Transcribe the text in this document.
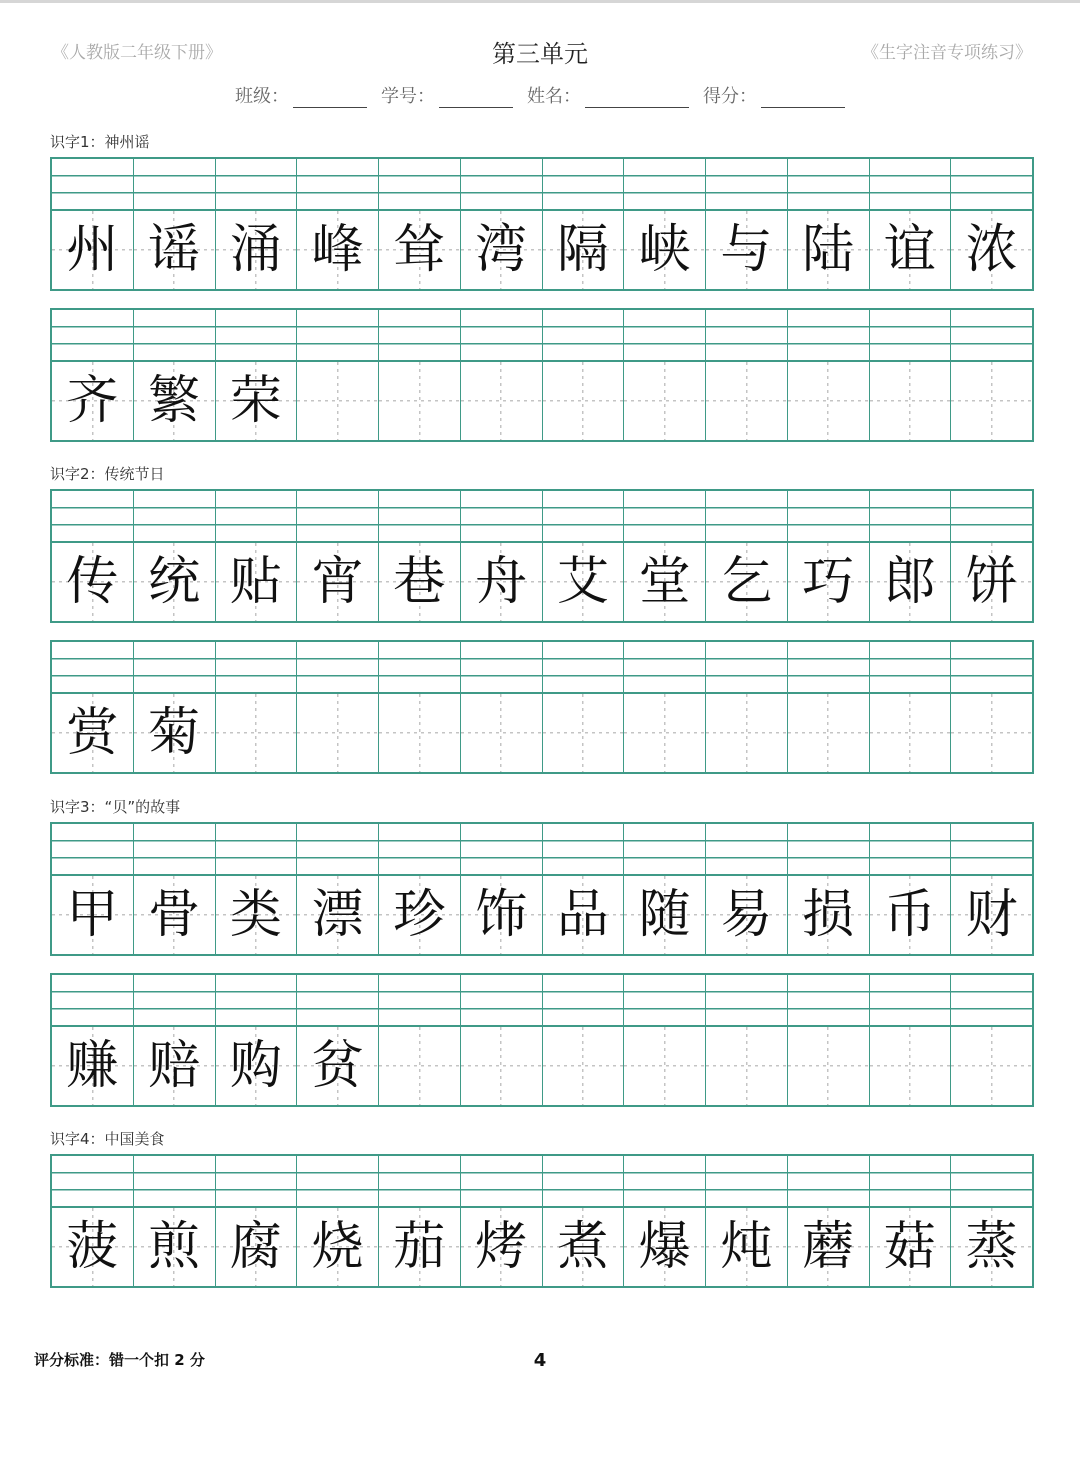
《人教版二年级下册》	第三单元	《生字注音专项练习》
班级：	学号：	姓名：	得分：
识字1：神州谣
州 谣 涌 峰 耸 湾 隔 峡 与 陆 谊 浓
齐 繁 荣
识字2：传统节日
传 统 贴 宵 巷 舟 艾 堂 乞 巧 郎 饼
赏 菊
识字3：“贝”的故事
甲 骨 类 漂 珍 饰 品 随 易 损 币 财
赚 赔 购 贫
识字4：中国美食
菠 煎 腐 烧 茄 烤 煮 爆 炖 蘑 菇 蒸
评分标准：错一个扣 2 分	4
